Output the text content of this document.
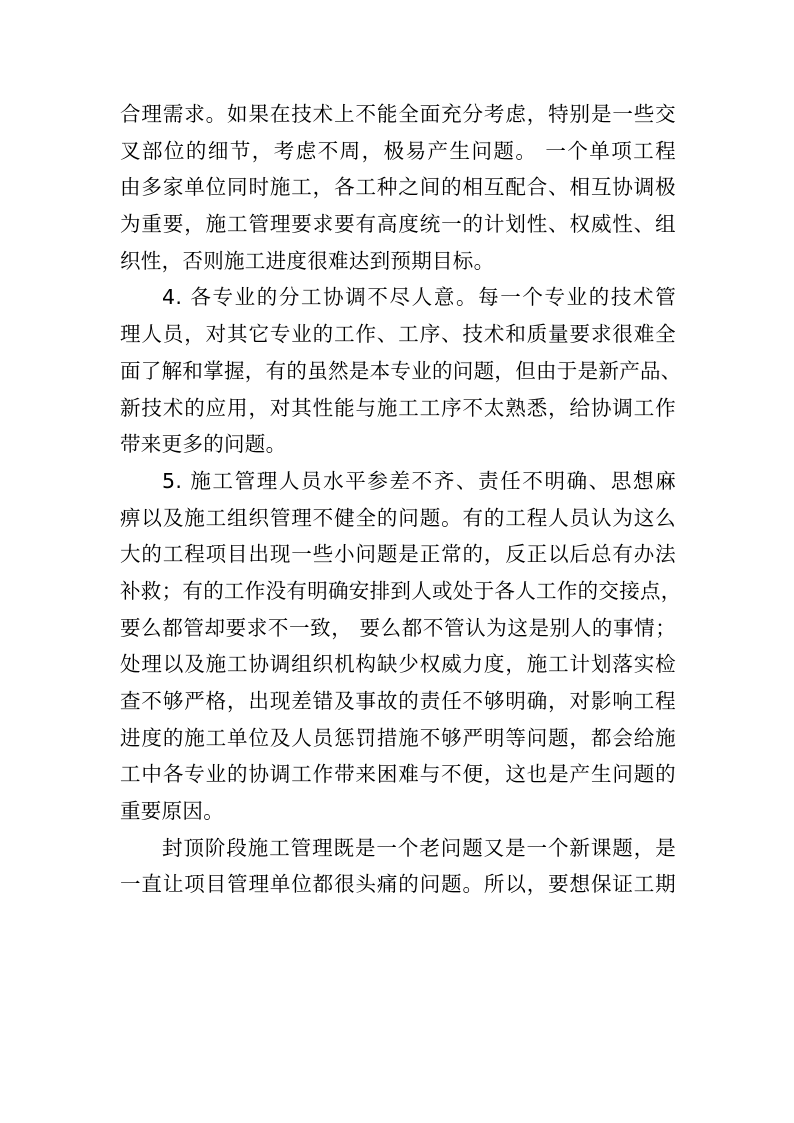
合理需求。如果在技术上不能全面充分考虑，特别是一些交
叉部位的细节，考虑不周，极易产生问题。 一个单项工程
由多家单位同时施工，各工种之间的相互配合、相互协调极
为重要，施工管理要求要有高度统一的计划性、权威性、组
织性，否则施工进度很难达到预期目标。
4. 各专业的分工协调不尽人意。每一个专业的技术管
理人员，对其它专业的工作、工序、技术和质量要求很难全
面了解和掌握，有的虽然是本专业的问题，但由于是新产品、
新技术的应用，对其性能与施工工序不太熟悉，给协调工作
带来更多的问题。
5. 施工管理人员水平参差不齐、责任不明确、思想麻
痹以及施工组织管理不健全的问题。有的工程人员认为这么
大的工程项目出现一些小问题是正常的，反正以后总有办法
补救；有的工作没有明确安排到人或处于各人工作的交接点，
要么都管却要求不一致， 要么都不管认为这是别人的事情；
处理以及施工协调组织机构缺少权威力度，施工计划落实检
查不够严格，出现差错及事故的责任不够明确，对影响工程
进度的施工单位及人员惩罚措施不够严明等问题，都会给施
工中各专业的协调工作带来困难与不便，这也是产生问题的
重要原因。
封顶阶段施工管理既是一个老问题又是一个新课题，是
一直让项目管理单位都很头痛的问题。所以，要想保证工期
